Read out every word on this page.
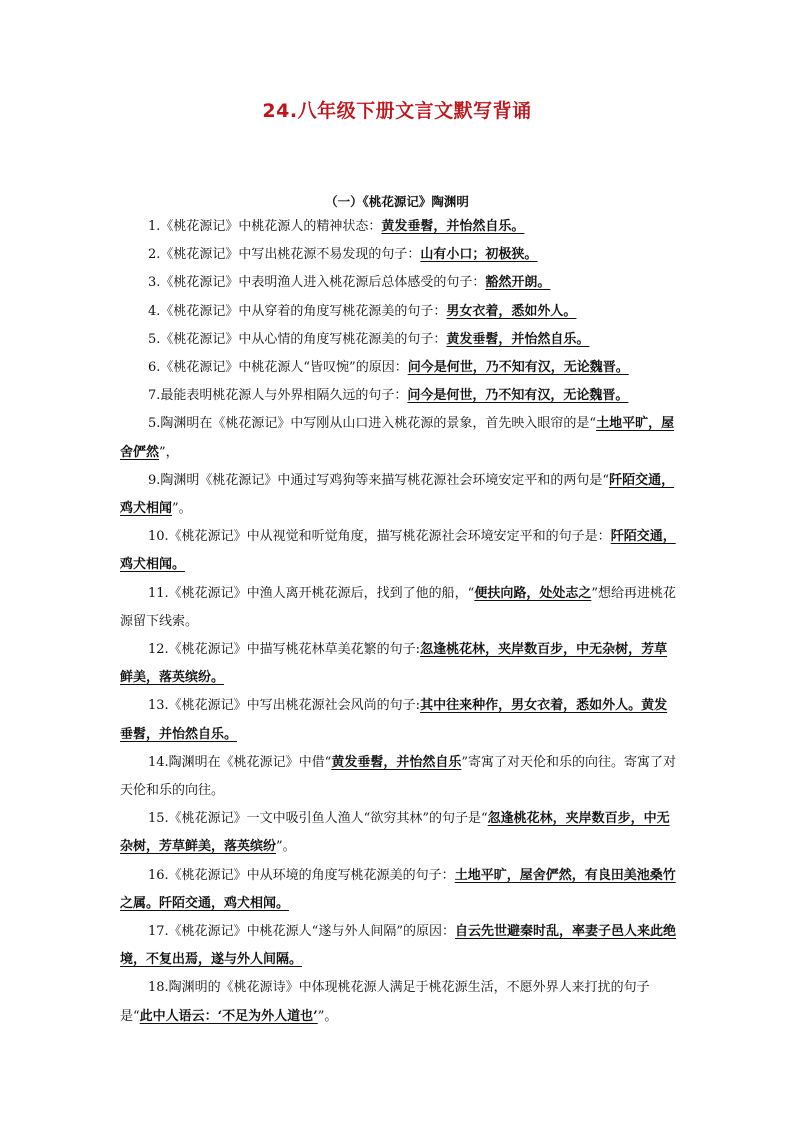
24.八年级下册文言文默写背诵
（一）《桃花源记》陶渊明

1.《桃花源记》中桃花源人的精神状态：黄发垂髫，并怡然自乐。

2.《桃花源记》中写出桃花源不易发现的句子：山有小口；初极狭。

3.《桃花源记》中表明渔人进入桃花源后总体感受的句子：豁然开朗。

4.《桃花源记》中从穿着的角度写桃花源美的句子：男女衣着，悉如外人。

5.《桃花源记》中从心情的角度写桃花源美的句子：黄发垂髫，并怡然自乐。

6.《桃花源记》中桃花源人“皆叹惋”的原因：问今是何世，乃不知有汉，无论魏晋。

7.最能表明桃花源人与外界相隔久远的句子：问今是何世，乃不知有汉，无论魏晋。

5.陶渊明在《桃花源记》中写刚从山口进入桃花源的景象，首先映入眼帘的是“土地平旷，屋舍俨然”，

9.陶渊明《桃花源记》中通过写鸡狗等来描写桃花源社会环境安定平和的两句是“阡陌交通，鸡犬相闻”。

10.《桃花源记》中从视觉和听觉角度，描写桃花源社会环境安定平和的句子是：阡陌交通，鸡犬相闻。

11.《桃花源记》中渔人离开桃花源后，找到了他的船，“便扶向路，处处志之”想给再进桃花源留下线索。

12.《桃花源记》中描写桃花林草美花繁的句子:忽逢桃花林，夹岸数百步，中无杂树，芳草鲜美，落英缤纷。

13.《桃花源记》中写出桃花源社会风尚的句子:其中往来种作，男女衣着，悉如外人。黄发垂髫，并怡然自乐。

14.陶渊明在《桃花源记》中借“黄发垂髫，并怡然自乐”寄寓了对天伦和乐的向往。寄寓了对天伦和乐的向往。

15.《桃花源记》一文中吸引鱼人渔人“欲穷其林”的句子是“忽逢桃花林，夹岸数百步，中无杂树，芳草鲜美，落英缤纷”。

16.《桃花源记》中从环境的角度写桃花源美的句子：土地平旷，屋舍俨然，有良田美池桑竹之属。阡陌交通，鸡犬相闻。

17.《桃花源记》中桃花源人“遂与外人间隔”的原因：自云先世避秦时乱，率妻子邑人来此绝境，不复出焉，遂与外人间隔。

18.陶渊明的《桃花源诗》中体现桃花源人满足于桃花源生活，不愿外界人来打扰的句子是“此中人语云：‘不足为外人道也’”。
